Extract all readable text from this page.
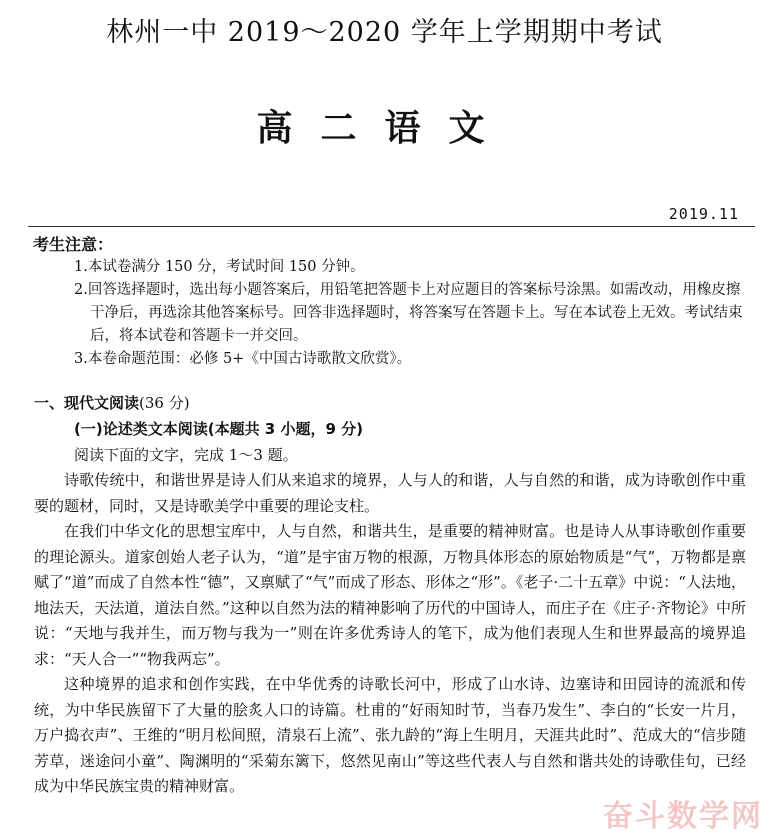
林州一中 2019～2020 学年上学期期中考试
高二语文
2019.11
考生注意：

1.本试卷满分 150 分，考试时间 150 分钟。

2.回答选择题时，选出每小题答案后，用铅笔把答题卡上对应题目的答案标号涂黑。如需改动，用橡皮擦干净后，再选涂其他答案标号。回答非选择题时，将答案写在答题卡上。写在本试卷上无效。考试结束后，将本试卷和答题卡一并交回。

3.本卷命题范围：必修 5+《中国古诗歌散文欣赏》。

一、现代文阅读(36 分)
(一)论述类文本阅读(本题共 3 小题，9 分)
阅读下面的文字，完成 1～3 题。

诗歌传统中，和谐世界是诗人们从来追求的境界，人与人的和谐，人与自然的和谐，成为诗歌创作中重要的题材，同时，又是诗歌美学中重要的理论支柱。

在我们中华文化的思想宝库中，人与自然，和谐共生，是重要的精神财富。也是诗人从事诗歌创作重要的理论源头。道家创始人老子认为，“道”是宇宙万物的根源，万物具体形态的原始物质是“气”，万物都是禀赋了“道”而成了自然本性“德”，又禀赋了“气”而成了形态、形体之“形”。《老子·二十五章》中说：“人法地，地法天，天法道，道法自然。”这种以自然为法的精神影响了历代的中国诗人，而庄子在《庄子·齐物论》中所说：“天地与我并生，而万物与我为一”则在许多优秀诗人的笔下，成为他们表现人生和世界最高的境界追求：“天人合一”“物我两忘”。

这种境界的追求和创作实践，在中华优秀的诗歌长河中，形成了山水诗、边塞诗和田园诗的流派和传统，为中华民族留下了大量的脍炙人口的诗篇。杜甫的“好雨知时节，当春乃发生”、李白的“长安一片月，万户捣衣声”、王维的“明月松间照，清泉石上流”、张九龄的“海上生明月，天涯共此时”、范成大的“信步随芳草，迷途问小童”、陶渊明的“采菊东篱下，悠然见南山”等这些代表人与自然和谐共处的诗歌佳句，已经成为中华民族宝贵的精神财富。

奋斗数学网
